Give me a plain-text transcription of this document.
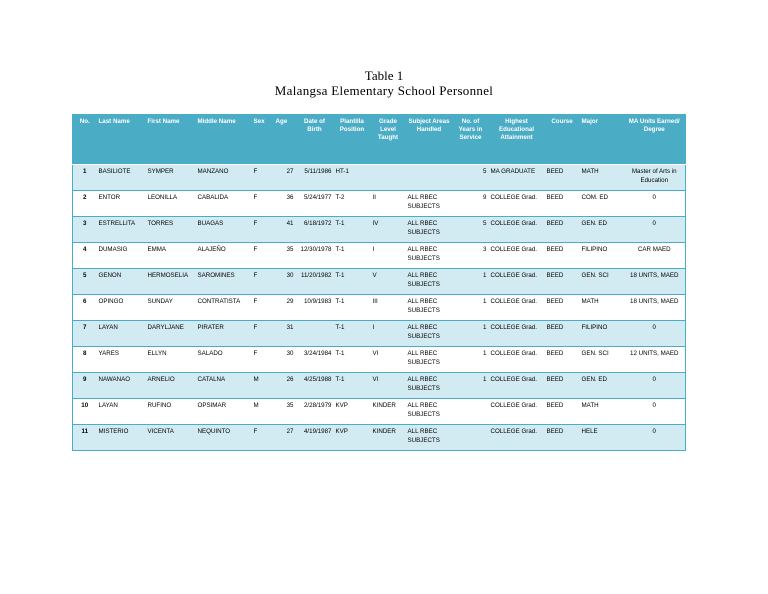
Table 1
Malangsa Elementary School Personnel
No.	Last Name	First Name	Middle Name	Sex	Age	Date of Birth	Plantilla Position	Grade Level Taught	Subject Areas Handled	No. of Years in Service	Highest Educational Attainment	Course	Major	MA Units Earned/ Degree
1	BASILIOTE	SYMPER	MANZANO	F	27	5/11/1986	HT-1			5	MA GRADUATE	BEED	MATH	Master of Arts in Education
2	ENTOR	LEONILLA	CABALIDA	F	36	5/24/1977	T-2	II	ALL RBEC SUBJECTS	9	COLLEGE Grad.	BEED	COM. ED	0
3	ESTRELLITA	TORRES	BUAGAS	F	41	6/18/1972	T-1	IV	ALL RBEC SUBJECTS	5	COLLEGE Grad.	BEED	GEN. ED	0
4	DUMASIG	EMMA	ALAJEÑO	F	35	12/30/1978	T-1	I	ALL RBEC SUBJECTS	3	COLLEGE Grad.	BEED	FILIPINO	CAR MAED
5	GENON	HERMOSELIA	SAROMINES	F	30	11/20/1982	T-1	V	ALL RBEC SUBJECTS	1	COLLEGE Grad.	BEED	GEN. SCI	18 UNITS, MAED
6	OPINGO	SUNDAY	CONTRATISTA	F	29	10/9/1983	T-1	III	ALL RBEC SUBJECTS	1	COLLEGE Grad.	BEED	MATH	18 UNITS, MAED
7	LAYAN	DARYLJANE	PIRATER	F	31		T-1	I	ALL RBEC SUBJECTS	1	COLLEGE Grad.	BEED	FILIPINO	0
8	YARES	ELLYN	SALADO	F	30	3/24/1984	T-1	VI	ALL RBEC SUBJECTS	1	COLLEGE Grad.	BEED	GEN. SCI	12 UNITS, MAED
9	NAWANAO	ARNELIO	CATALNA	M	26	4/25/1988	T-1	VI	ALL RBEC SUBJECTS	1	COLLEGE Grad.	BEED	GEN. ED	0
10	LAYAN	RUFINO	OPSIMAR	M	35	2/28/1979	KVP	KINDER	ALL RBEC SUBJECTS		COLLEGE Grad.	BEED	MATH	0
11	MISTERIO	VICENTA	NEQUINTO	F	27	4/19/1987	KVP	KINDER	ALL RBEC SUBJECTS		COLLEGE Grad.	BEED	HELE	0
